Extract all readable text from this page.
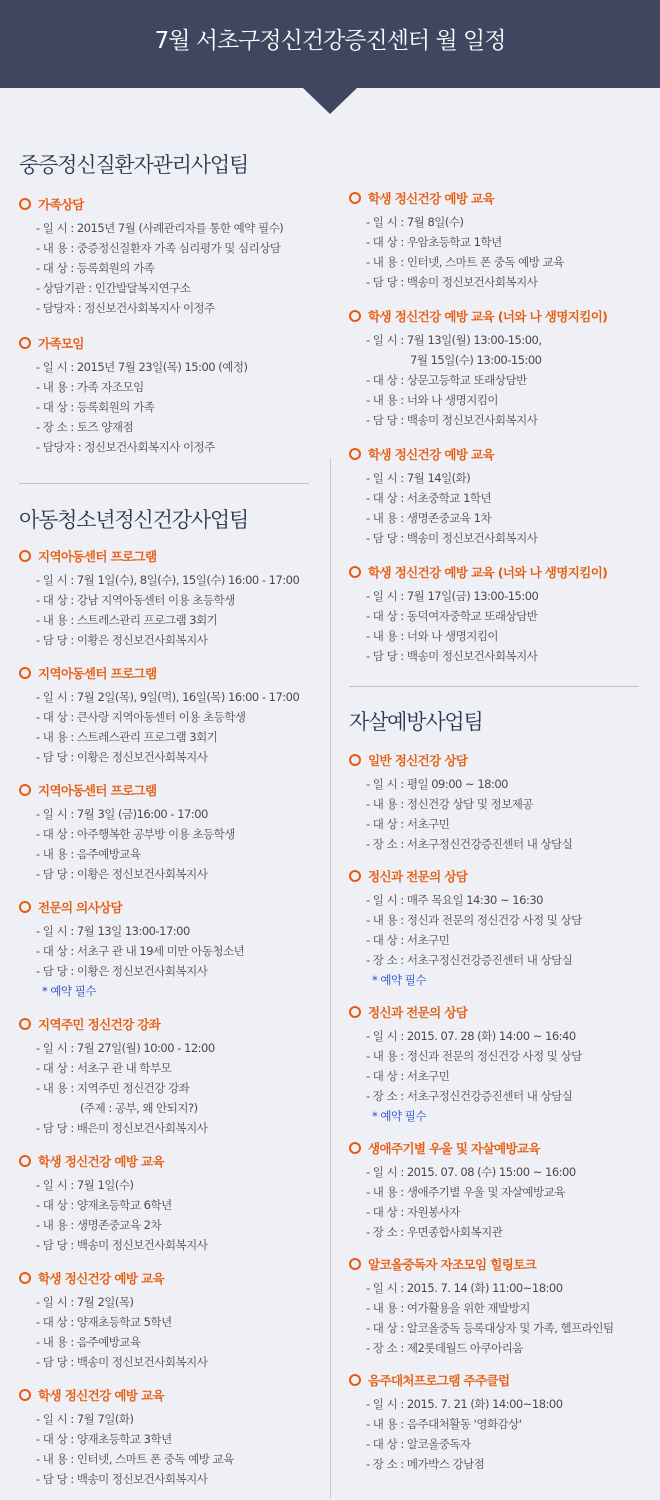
7월 서초구정신건강증진센터 월 일정
중증정신질환자관리사업팀
가족상담
- 일 시 : 2015년 7월 (사례관리자를 통한 예약 필수)
- 내 용 : 중증정신질환자 가족 심리평가 및 심리상담
- 대 상 : 등록회원의 가족
- 상담기관 : 인간발달복지연구소
- 담당자 : 정신보건사회복지사 이정주
가족모임
- 일 시 : 2015년 7월 23일(목) 15:00 (예정)
- 내 용 : 가족 자조모임
- 대 상 : 등록회원의 가족
- 장 소 : 토즈 양재점
- 담당자 : 정신보건사회복지사 이정주
아동청소년정신건강사업팀
지역아동센터 프로그램
- 일 시 : 7월 1일(수), 8일(수), 15일(수) 16:00 - 17:00
- 대 상 : 강남 지역아동센터 이용 초등학생
- 내 용 : 스트레스관리 프로그램 3회기
- 담 당 : 이황은 정신보건사회복지사
지역아동센터 프로그램
- 일 시 : 7월 2일(목), 9일(먹), 16일(목) 16:00 - 17:00
- 대 상 : 큰사랑 지역아동센터 이용 초등학생
- 내 용 : 스트레스관리 프로그램 3회기
- 담 당 : 이황은 정신보건사회복지사
지역아동센터 프로그램
- 일 시 : 7월 3일 (금)16:00 - 17:00
- 대 상 : 아주행복한 공부방 이용 초등학생
- 내 용 : 음주예방교육
- 담 당 : 이황은 정신보건사회복지사
전문의 의사상담
- 일 시 : 7월 13일 13:00-17:00
- 대 상 : 서초구 관 내 19세 미만 아동청소년
- 담 당 : 이황은 정신보건사회복지사
* 예약 필수
지역주민 정신건강 강좌
- 일 시 : 7월 27일(월) 10:00 - 12:00
- 대 상 : 서초구 관 내 학부모
- 내 용 : 지역주민 정신건강 강좌
(주제 : 공부, 왜 안되지?)
- 담 당 : 배은미 정신보건사회복지사
학생 정신건강 예방 교육
- 일 시 : 7월 1일(수)
- 대 상 : 양재초등학교 6학년
- 내 용 : 생명존중교육 2차
- 담 당 : 백송미 정신보건사회복지사
학생 정신건강 예방 교육
- 일 시 : 7월 2일(목)
- 대 상 : 양재초등학교 5학년
- 내 용 : 음주예방교육
- 담 당 : 백송미 정신보건사회복지사
학생 정신건강 예방 교육
- 일 시 : 7월 7일(화)
- 대 상 : 양재초등학교 3학년
- 내 용 : 인터넷, 스마트 폰 중독 예방 교육
- 담 당 : 백송미 정신보건사회복지사
학생 정신건강 예방 교육
- 일 시 : 7월 8일(수)
- 대 상 : 우암초등학교 1학년
- 내 용 : 인터넷, 스마트 폰 중독 예방 교육
- 담 당 : 백송미 정신보건사회복지사
학생 정신건강 예방 교육 (너와 나 생명지킴이)
- 일 시 : 7월 13일(월) 13:00-15:00,
7월 15일(수) 13:00-15:00
- 대 상 : 상문고등학교 또래상담반
- 내 용 : 너와 나 생명지킴이
- 담 당 : 백송미 정신보건사회복지사
학생 정신건강 예방 교육
- 일 시 : 7월 14일(화)
- 대 상 : 서초중학교 1학년
- 내 용 : 생명존중교육 1차
- 담 당 : 백송미 정신보건사회복지사
학생 정신건강 예방 교육 (너와 나 생명지킴이)
- 일 시 : 7월 17일(금) 13:00-15:00
- 대 상 : 동덕여자중학교 또래상담반
- 내 용 : 너와 나 생명지킴이
- 담 당 : 백송미 정신보건사회복지사
자살예방사업팀
일반 정신건강 상담
- 일 시 : 평일 09:00 ~ 18:00
- 내 용 : 정신건강 상담 및 정보제공
- 대 상 : 서초구민
- 장 소 : 서초구정신건강증진센터 내 상담실
정신과 전문의 상담
- 일 시 : 매주 목요일 14:30 ~ 16:30
- 내 용 : 정신과 전문의 정신건강 사정 및 상담
- 대 상 : 서초구민
- 장 소 : 서초구정신건강증진센터 내 상담실
* 예약 필수
정신과 전문의 상담
- 일 시 : 2015. 07. 28 (화) 14:00 ~ 16:40
- 내 용 : 정신과 전문의 정신건강 사정 및 상담
- 대 상 : 서초구민
- 장 소 : 서초구정신건강증진센터 내 상담실
* 예약 필수
생애주기별 우울 및 자살예방교육
- 일 시 : 2015. 07. 08 (수) 15:00 ~ 16:00
- 내 용 : 생애주기별 우울 및 자살예방교육
- 대 상 : 자원봉사자
- 장 소 : 우면종합사회복지관
알코올중독자 자조모임 힐링토크
- 일 시 : 2015. 7. 14 (화) 11:00~18:00
- 내 용 : 여가활용을 위한 재발방지
- 대 상 : 알코올중독 등록대상자 및 가족, 헬프라인팀
- 장 소 : 제2롯데월드 아쿠아리움
음주대처프로그램 주주클럽
- 일 시 : 2015. 7. 21 (화) 14:00~18:00
- 내 용 : 음주대처활동 '영화감상'
- 대 상 : 알코올중독자
- 장 소 : 메가박스 강남점
